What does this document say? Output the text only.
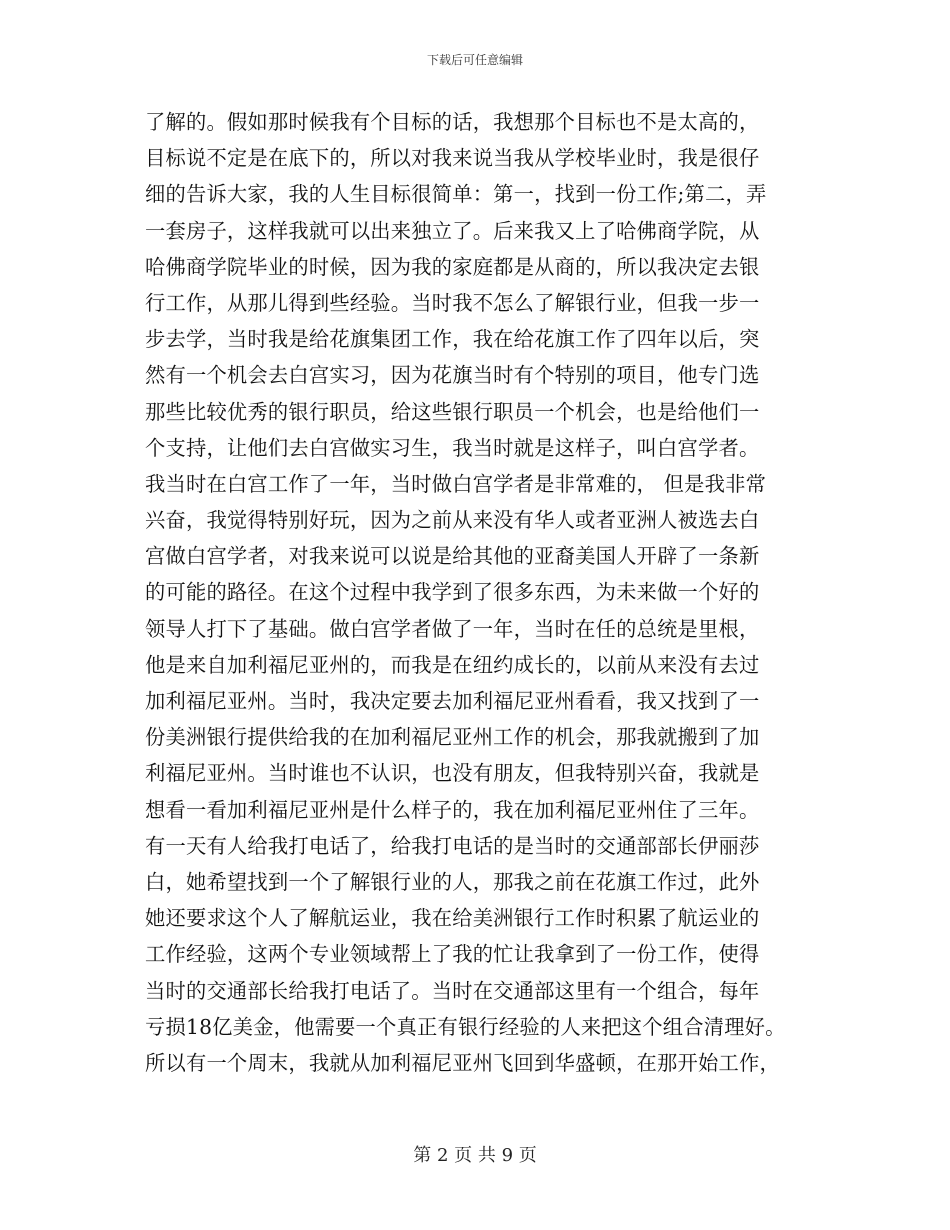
下载后可任意编辑
了解的。假如那时候我有个目标的话，我想那个目标也不是太高的，
目标说不定是在底下的，所以对我来说当我从学校毕业时，我是很仔
细的告诉大家，我的人生目标很简单：第一，找到一份工作;第二，弄
一套房子，这样我就可以出来独立了。后来我又上了哈佛商学院，从
哈佛商学院毕业的时候，因为我的家庭都是从商的，所以我决定去银
行工作，从那儿得到些经验。当时我不怎么了解银行业，但我一步一
步去学，当时我是给花旗集团工作，我在给花旗工作了四年以后，突
然有一个机会去白宫实习，因为花旗当时有个特别的项目，他专门选
那些比较优秀的银行职员，给这些银行职员一个机会，也是给他们一
个支持，让他们去白宫做实习生，我当时就是这样子，叫白宫学者。
我当时在白宫工作了一年，当时做白宫学者是非常难的， 但是我非常
兴奋，我觉得特别好玩，因为之前从来没有华人或者亚洲人被选去白
宫做白宫学者，对我来说可以说是给其他的亚裔美国人开辟了一条新
的可能的路径。在这个过程中我学到了很多东西，为未来做一个好的
领导人打下了基础。做白宫学者做了一年，当时在任的总统是里根，
他是来自加利福尼亚州的，而我是在纽约成长的，以前从来没有去过
加利福尼亚州。当时，我决定要去加利福尼亚州看看，我又找到了一
份美洲银行提供给我的在加利福尼亚州工作的机会，那我就搬到了加
利福尼亚州。当时谁也不认识，也没有朋友，但我特别兴奋，我就是
想看一看加利福尼亚州是什么样子的，我在加利福尼亚州住了三年。
有一天有人给我打电话了，给我打电话的是当时的交通部部长伊丽莎
白，她希望找到一个了解银行业的人，那我之前在花旗工作过，此外
她还要求这个人了解航运业，我在给美洲银行工作时积累了航运业的
工作经验，这两个专业领域帮上了我的忙让我拿到了一份工作，使得
当时的交通部长给我打电话了。当时在交通部这里有一个组合，每年
亏损18亿美金，他需要一个真正有银行经验的人来把这个组合清理好。
所以有一个周末，我就从加利福尼亚州飞回到华盛顿，在那开始工作，
第 2 页 共 9 页
